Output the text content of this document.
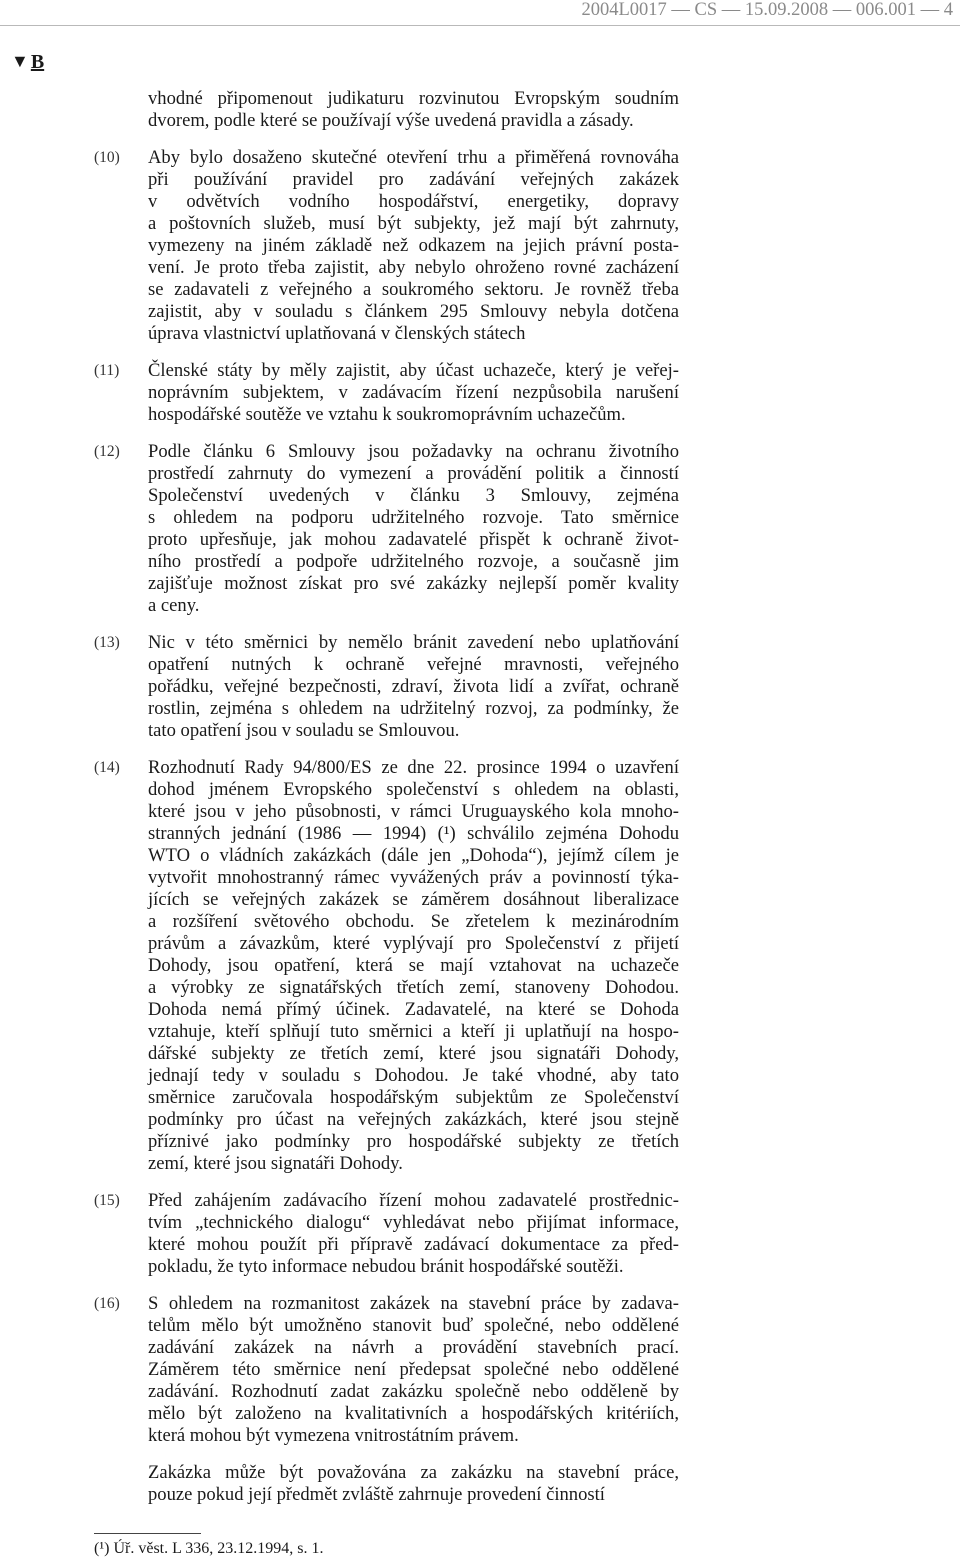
2004L0017 — CS — 15.09.2008 — 006.001 — 4
▼ B
vhodné připomenout judikaturu rozvinutou Evropským soudním
dvorem, podle které se používají výše uvedená pravidla a zásady.
(10) Aby bylo dosaženo skutečné otevření trhu a přiměřená rovnováha
při používání pravidel pro zadávání veřejných zakázek
v odvětvích vodního hospodářství, energetiky, dopravy
a poštovních služeb, musí být subjekty, jež mají být zahrnuty,
vymezeny na jiném základě než odkazem na jejich právní posta-
vení. Je proto třeba zajistit, aby nebylo ohroženo rovné zacházení
se zadavateli z veřejného a soukromého sektoru. Je rovněž třeba
zajistit, aby v souladu s článkem 295 Smlouvy nebyla dotčena
úprava vlastnictví uplatňovaná v členských státech
(11) Členské státy by měly zajistit, aby účast uchazeče, který je veřej-
noprávním subjektem, v zadávacím řízení nezpůsobila narušení
hospodářské soutěže ve vztahu k soukromoprávním uchazečům.
(12) Podle článku 6 Smlouvy jsou požadavky na ochranu životního
prostředí zahrnuty do vymezení a provádění politik a činností
Společenství uvedených v článku 3 Smlouvy, zejména
s ohledem na podporu udržitelného rozvoje. Tato směrnice
proto upřesňuje, jak mohou zadavatelé přispět k ochraně život-
ního prostředí a podpoře udržitelného rozvoje, a současně jim
zajišťuje možnost získat pro své zakázky nejlepší poměr kvality
a ceny.
(13) Nic v této směrnici by nemělo bránit zavedení nebo uplatňování
opatření nutných k ochraně veřejné mravnosti, veřejného
pořádku, veřejné bezpečnosti, zdraví, života lidí a zvířat, ochraně
rostlin, zejména s ohledem na udržitelný rozvoj, za podmínky, že
tato opatření jsou v souladu se Smlouvou.
(14) Rozhodnutí Rady 94/800/ES ze dne 22. prosince 1994 o uzavření
dohod jménem Evropského společenství s ohledem na oblasti,
které jsou v jeho působnosti, v rámci Uruguayského kola mnoho-
stranných jednání (1986 — 1994) (¹) schválilo zejména Dohodu
WTO o vládních zakázkách (dále jen „Dohoda“), jejímž cílem je
vytvořit mnohostranný rámec vyvážených práv a povinností týka-
jících se veřejných zakázek se záměrem dosáhnout liberalizace
a rozšíření světového obchodu. Se zřetelem k mezinárodním
právům a závazkům, které vyplývají pro Společenství z přijetí
Dohody, jsou opatření, která se mají vztahovat na uchazeče
a výrobky ze signatářských třetích zemí, stanoveny Dohodou.
Dohoda nemá přímý účinek. Zadavatelé, na které se Dohoda
vztahuje, kteří splňují tuto směrnici a kteří ji uplatňují na hospo-
dářské subjekty ze třetích zemí, které jsou signatáři Dohody,
jednají tedy v souladu s Dohodou. Je také vhodné, aby tato
směrnice zaručovala hospodářským subjektům ze Společenství
podmínky pro účast na veřejných zakázkách, které jsou stejně
příznivé jako podmínky pro hospodářské subjekty ze třetích
zemí, které jsou signatáři Dohody.
(15) Před zahájením zadávacího řízení mohou zadavatelé prostřednic-
tvím „technického dialogu“ vyhledávat nebo přijímat informace,
které mohou použít při přípravě zadávací dokumentace za před-
pokladu, že tyto informace nebudou bránit hospodářské soutěži.
(16) S ohledem na rozmanitost zakázek na stavební práce by zadava-
telům mělo být umožněno stanovit buď společné, nebo oddělené
zadávání zakázek na návrh a provádění stavebních prací.
Záměrem této směrnice není předepsat společné nebo oddělené
zadávání. Rozhodnutí zadat zakázku společně nebo odděleně by
mělo být založeno na kvalitativních a hospodářských kritériích,
která mohou být vymezena vnitrostátním právem.
Zakázka může být považována za zakázku na stavební práce,
pouze pokud její předmět zvláště zahrnuje provedení činností
(¹) Úř. věst. L 336, 23.12.1994, s. 1.
